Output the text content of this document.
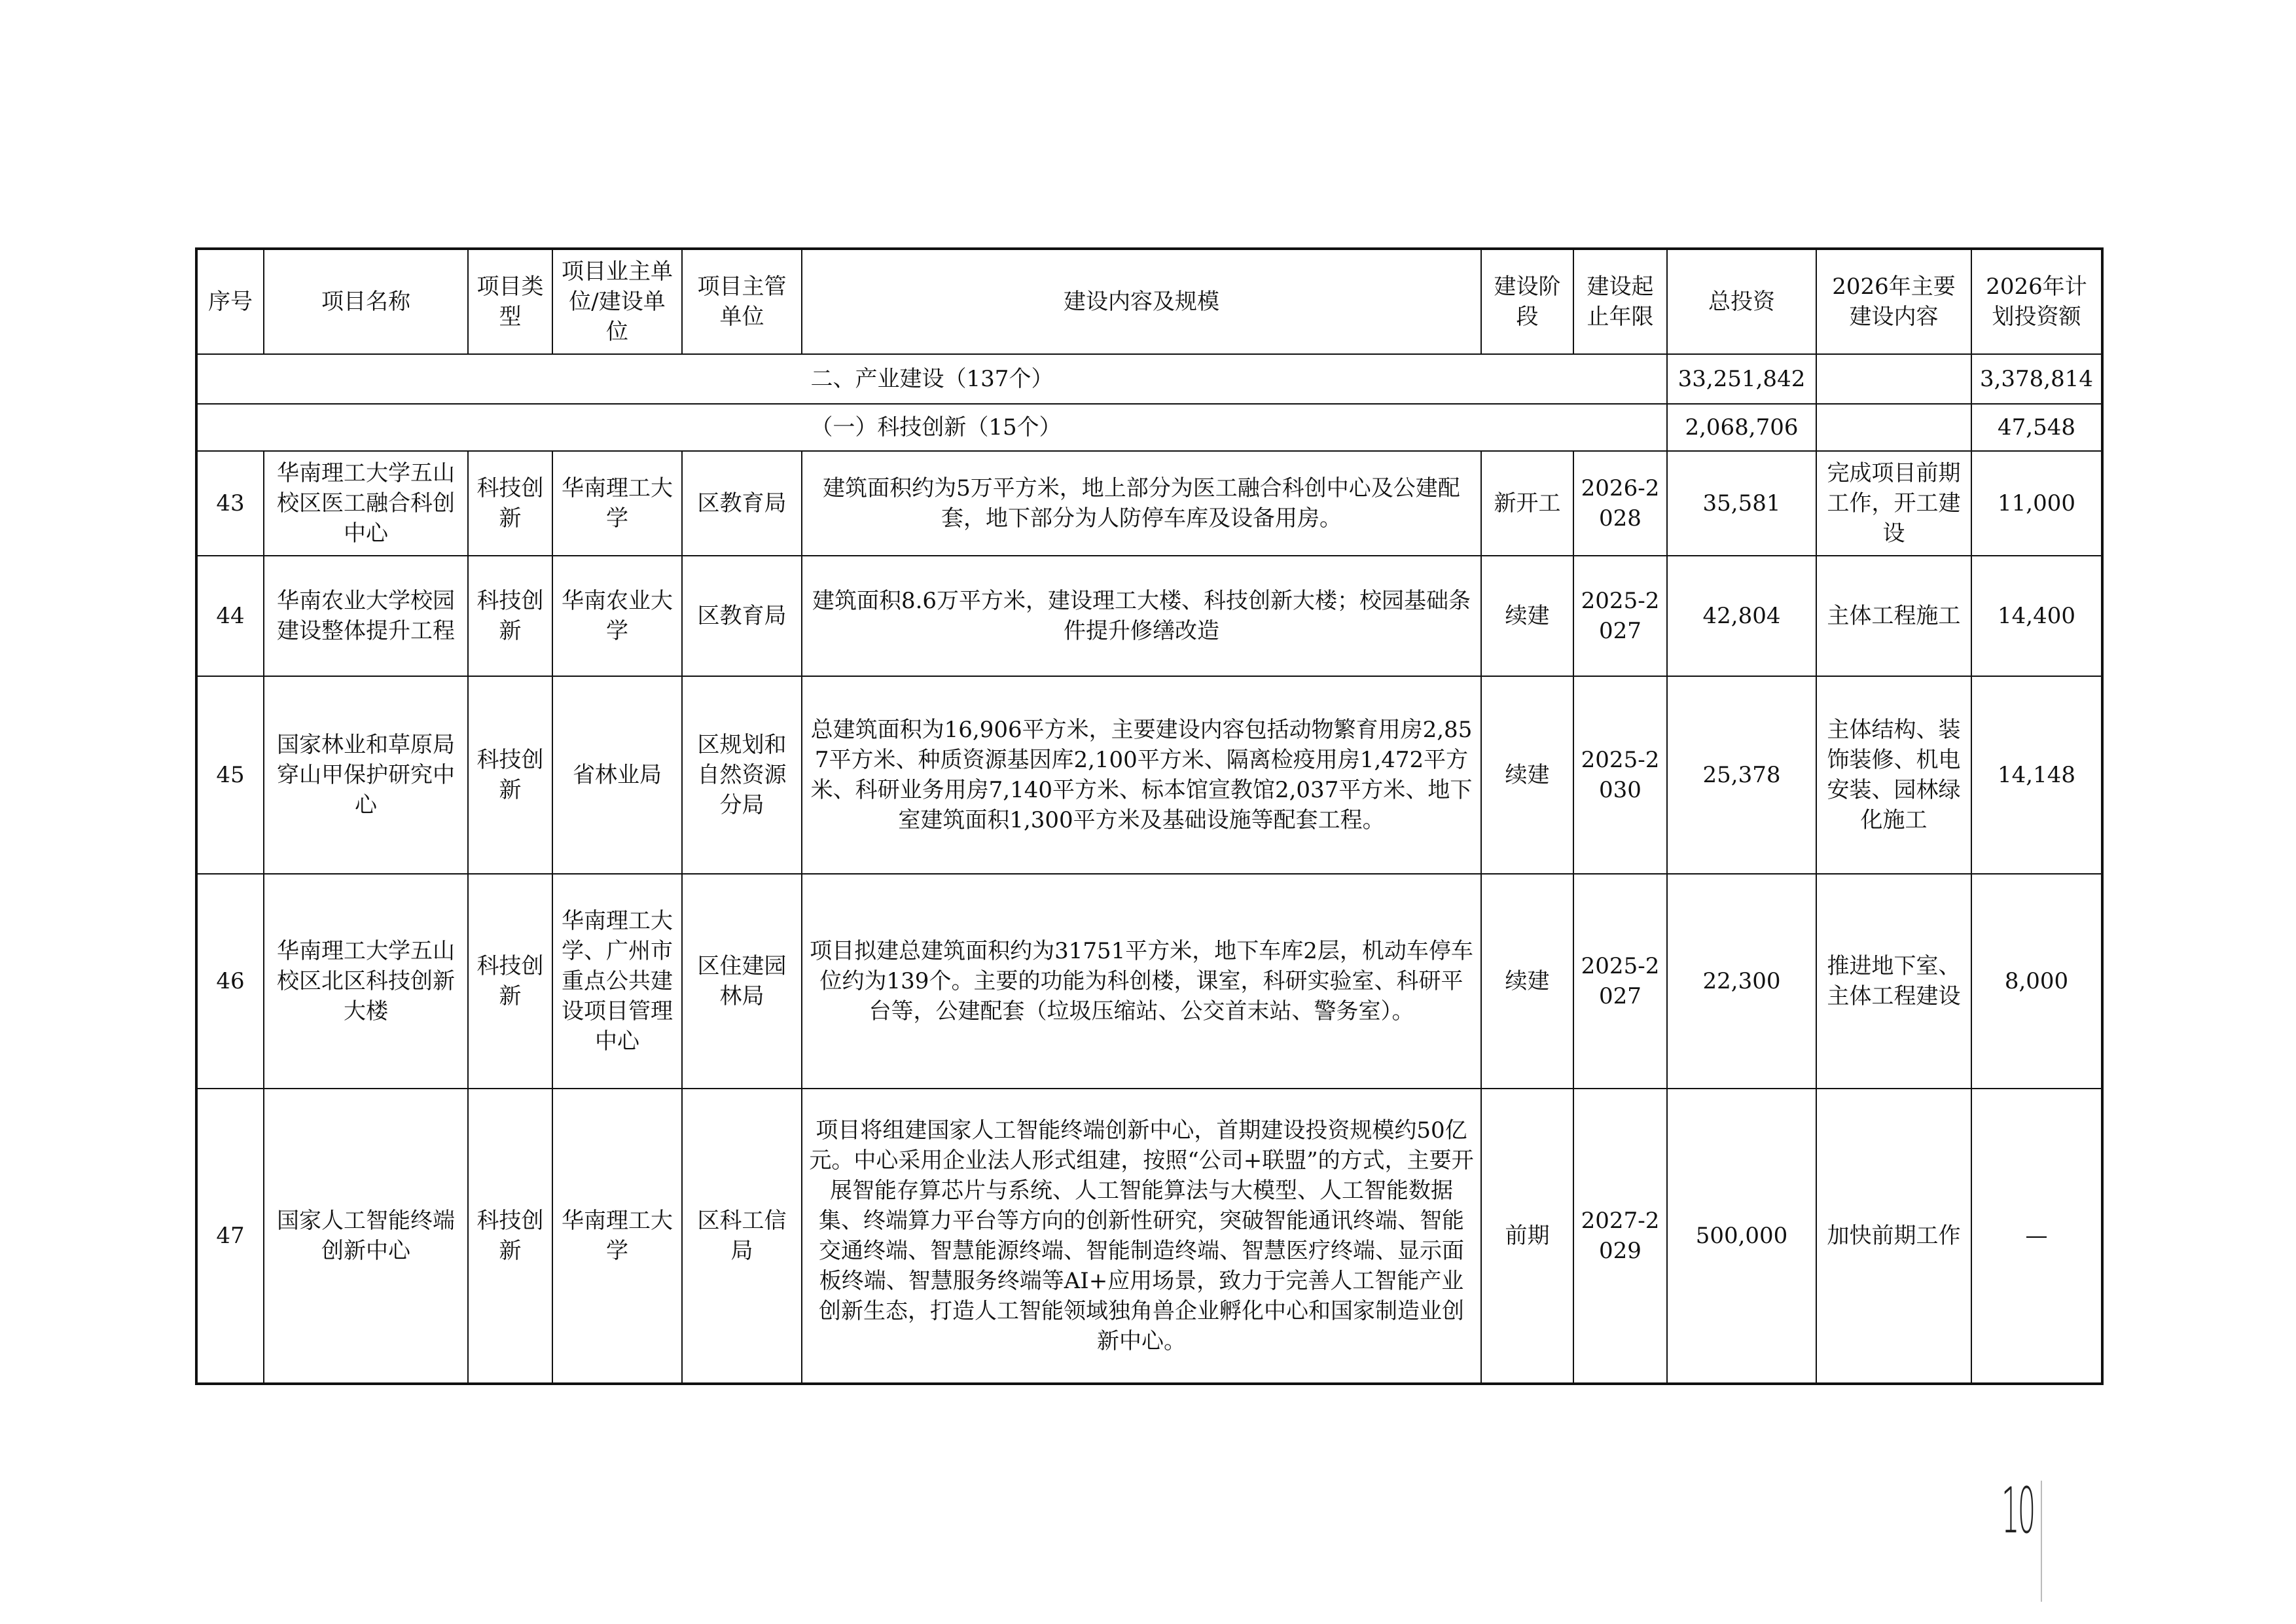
序号	项目名称	项目类型	项目业主单位/建设单位	项目主管单位	建设内容及规模	建设阶段	建设起止年限	总投资	2026年主要建设内容	2026年计划投资额
二、产业建设（137个）								33,251,842		3,378,814
（一）科技创新（15个）								2,068,706		47,548
43	华南理工大学五山校区医工融合科创中心	科技创新	华南理工大学	区教育局	建筑面积约为5万平方米，地上部分为医工融合科创中心及公建配套，地下部分为人防停车库及设备用房。	新开工	2026-2028	35,581	完成项目前期工作，开工建设	11,000
44	华南农业大学校园建设整体提升工程	科技创新	华南农业大学	区教育局	建筑面积8.6万平方米，建设理工大楼、科技创新大楼；校园基础条件提升修缮改造	续建	2025-2027	42,804	主体工程施工	14,400
45	国家林业和草原局穿山甲保护研究中心	科技创新	省林业局	区规划和自然资源分局	总建筑面积为16,906平方米，主要建设内容包括动物繁育用房2,857平方米、种质资源基因库2,100平方米、隔离检疫用房1,472平方米、科研业务用房7,140平方米、标本馆宣教馆2,037平方米、地下室建筑面积1,300平方米及基础设施等配套工程。	续建	2025-2030	25,378	主体结构、装饰装修、机电安装、园林绿化施工	14,148
46	华南理工大学五山校区北区科技创新大楼	科技创新	华南理工大学、广州市重点公共建设项目管理中心	区住建园林局	项目拟建总建筑面积约为31751平方米，地下车库2层，机动车停车位约为139个。主要的功能为科创楼，课室，科研实验室、科研平台等，公建配套（垃圾压缩站、公交首末站、警务室）。	续建	2025-2027	22,300	推进地下室、主体工程建设	8,000
47	国家人工智能终端创新中心	科技创新	华南理工大学	区科工信局	项目将组建国家人工智能终端创新中心，首期建设投资规模约50亿元。中心采用企业法人形式组建，按照“公司+联盟”的方式，主要开展智能存算芯片与系统、人工智能算法与大模型、人工智能数据集、终端算力平台等方向的创新性研究，突破智能通讯终端、智能交通终端、智慧能源终端、智能制造终端、智慧医疗终端、显示面板终端、智慧服务终端等AI+应用场景，致力于完善人工智能产业创新生态，打造人工智能领域独角兽企业孵化中心和国家制造业创新中心。	前期	2027-2029	500,000	加快前期工作	—
10
